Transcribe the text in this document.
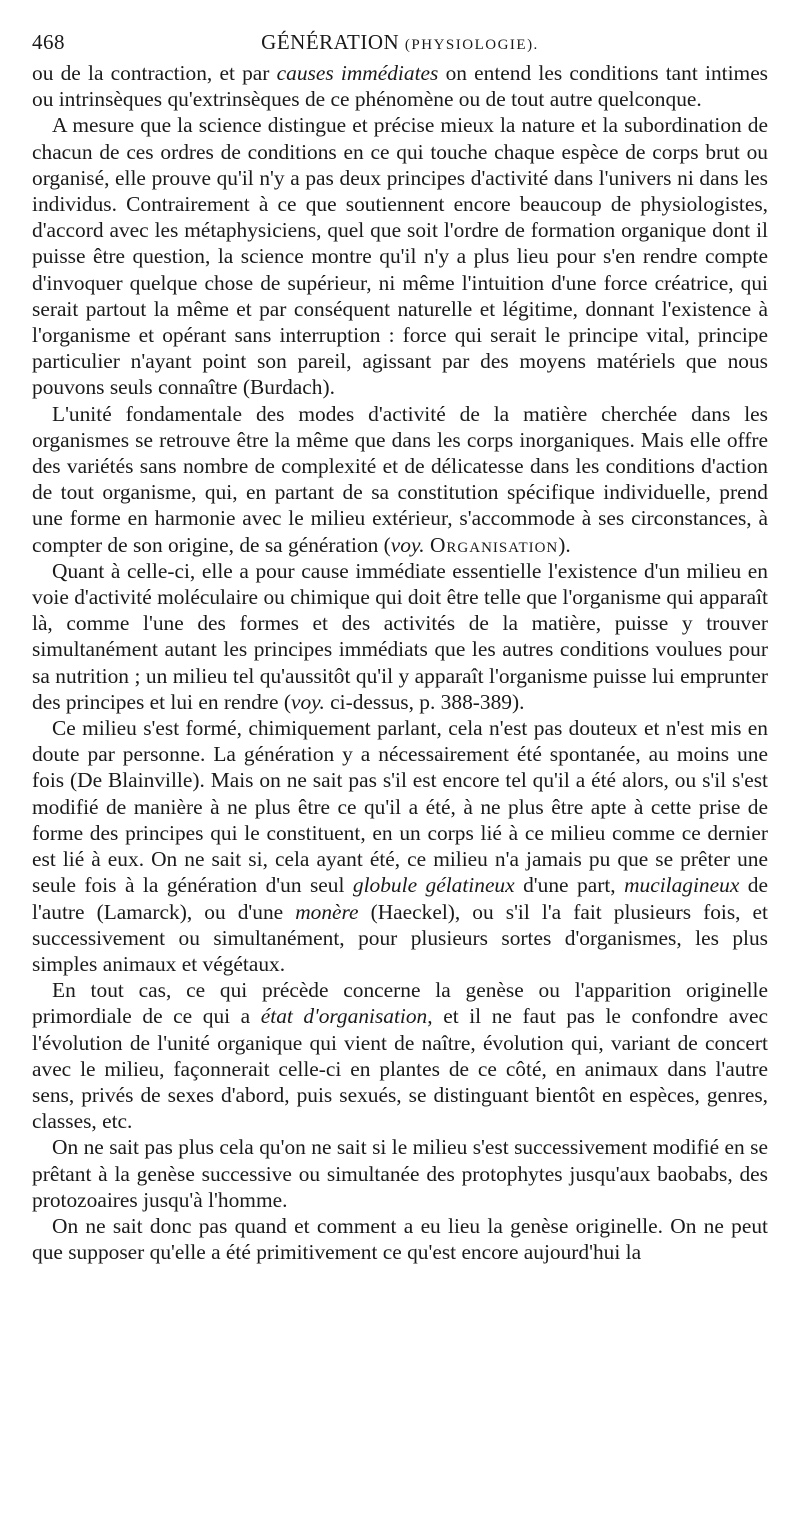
468	GÉNÉRATION (PHYSIOLOGIE).

ou de la contraction, et par causes immédiates on entend les conditions tant intimes ou intrinsèques qu'extrinsèques de ce phénomène ou de tout autre quelconque.

A mesure que la science distingue et précise mieux la nature et la subordination de chacun de ces ordres de conditions en ce qui touche chaque espèce de corps brut ou organisé, elle prouve qu'il n'y a pas deux principes d'activité dans l'univers ni dans les individus. Contrairement à ce que soutiennent encore beaucoup de physiologistes, d'accord avec les métaphysiciens, quel que soit l'ordre de formation organique dont il puisse être question, la science montre qu'il n'y a plus lieu pour s'en rendre compte d'invoquer quelque chose de supérieur, ni même l'intuition d'une force créatrice, qui serait partout la même et par conséquent naturelle et légitime, donnant l'existence à l'organisme et opérant sans interruption : force qui serait le principe vital, principe particulier n'ayant point son pareil, agissant par des moyens matériels que nous pouvons seuls connaître (Burdach).

L'unité fondamentale des modes d'activité de la matière cherchée dans les organismes se retrouve être la même que dans les corps inorganiques. Mais elle offre des variétés sans nombre de complexité et de délicatesse dans les conditions d'action de tout organisme, qui, en partant de sa constitution spécifique individuelle, prend une forme en harmonie avec le milieu extérieur, s'accommode à ses circonstances, à compter de son origine, de sa génération (voy. Organisation).

Quant à celle-ci, elle a pour cause immédiate essentielle l'existence d'un milieu en voie d'activité moléculaire ou chimique qui doit être telle que l'organisme qui apparaît là, comme l'une des formes et des activités de la matière, puisse y trouver simultanément autant les principes immédiats que les autres conditions voulues pour sa nutrition ; un milieu tel qu'aussitôt qu'il y apparaît l'organisme puisse lui emprunter des principes et lui en rendre (voy. ci-dessus, p. 388-389).

Ce milieu s'est formé, chimiquement parlant, cela n'est pas douteux et n'est mis en doute par personne. La génération y a nécessairement été spontanée, au moins une fois (De Blainville). Mais on ne sait pas s'il est encore tel qu'il a été alors, ou s'il s'est modifié de manière à ne plus être ce qu'il a été, à ne plus être apte à cette prise de forme des principes qui le constituent, en un corps lié à ce milieu comme ce dernier est lié à eux. On ne sait si, cela ayant été, ce milieu n'a jamais pu que se prêter une seule fois à la génération d'un seul globule gélatineux d'une part, mucilagineux de l'autre (Lamarck), ou d'une monère (Haeckel), ou s'il l'a fait plusieurs fois, et successivement ou simultanément, pour plusieurs sortes d'organismes, les plus simples animaux et végétaux.

En tout cas, ce qui précède concerne la genèse ou l'apparition originelle primordiale de ce qui a état d'organisation, et il ne faut pas le confondre avec l'évolution de l'unité organique qui vient de naître, évolution qui, variant de concert avec le milieu, façonnerait celle-ci en plantes de ce côté, en animaux dans l'autre sens, privés de sexes d'abord, puis sexués, se distinguant bientôt en espèces, genres, classes, etc.

On ne sait pas plus cela qu'on ne sait si le milieu s'est successivement modifié en se prêtant à la genèse successive ou simultanée des protophytes jusqu'aux baobabs, des protozoaires jusqu'à l'homme.

On ne sait donc pas quand et comment a eu lieu la genèse originelle. On ne peut que supposer qu'elle a été primitivement ce qu'est encore aujourd'hui la
